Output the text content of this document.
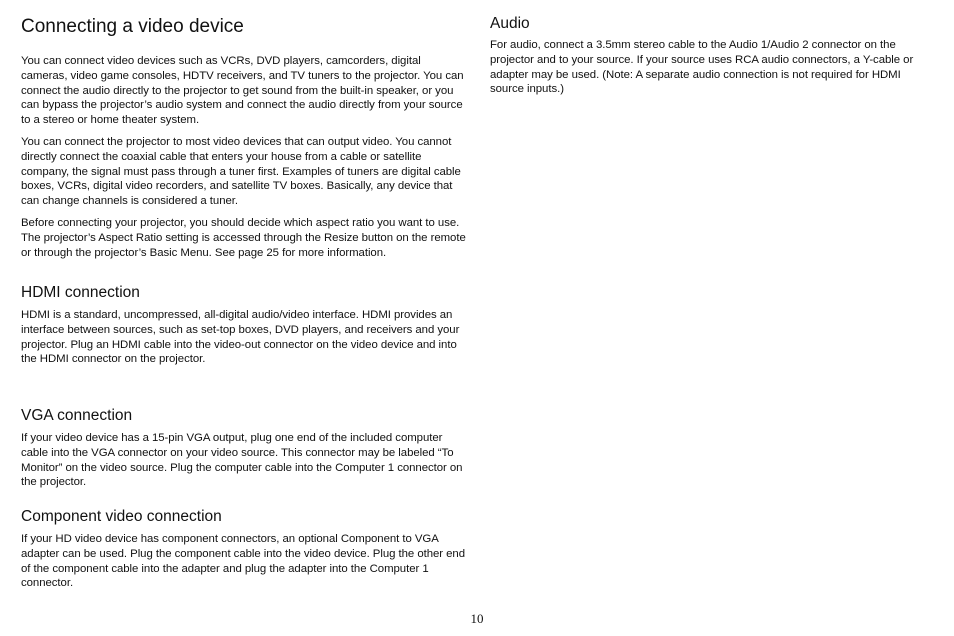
Connecting a video device

You can connect video devices such as VCRs, DVD players, camcorders, digital cameras, video game consoles, HDTV receivers, and TV tuners to the projector. You can connect the audio directly to the projector to get sound from the built-in speaker, or you can bypass the projector’s audio system and connect the audio directly from your source to a stereo or home theater system.

You can connect the projector to most video devices that can output video. You cannot directly connect the coaxial cable that enters your house from a cable or satellite company, the signal must pass through a tuner first. Examples of tuners are digital cable boxes, VCRs, digital video recorders, and satellite TV boxes. Basically, any device that can change channels is considered a tuner.

Before connecting your projector, you should decide which aspect ratio you want to use. The projector’s Aspect Ratio setting is accessed through the Resize button on the remote or through the projector’s Basic Menu. See page 25 for more information.

HDMI connection

HDMI is a standard, uncompressed, all-digital audio/video interface. HDMI provides an interface between sources, such as set-top boxes, DVD players, and receivers and your projector. Plug an HDMI cable into the video-out connector on the video device and into the HDMI connector on the projector.

VGA connection

If your video device has a 15-pin VGA output, plug one end of the included computer cable into the VGA connector on your video source. This connector may be labeled “To Monitor” on the video source. Plug the computer cable into the Computer 1 connector on the projector.

Component video connection

If your HD video device has component connectors, an optional Component to VGA adapter can be used. Plug the component cable into the video device. Plug the other end of the component cable into the adapter and plug the adapter into the Computer 1 connector.

Audio

For audio, connect a 3.5mm stereo cable to the Audio 1/Audio 2 connector on the projector and to your source. If your source uses RCA audio connectors, a Y-cable or adapter may be used. (Note: A separate audio connection is not required for HDMI source inputs.)

10
